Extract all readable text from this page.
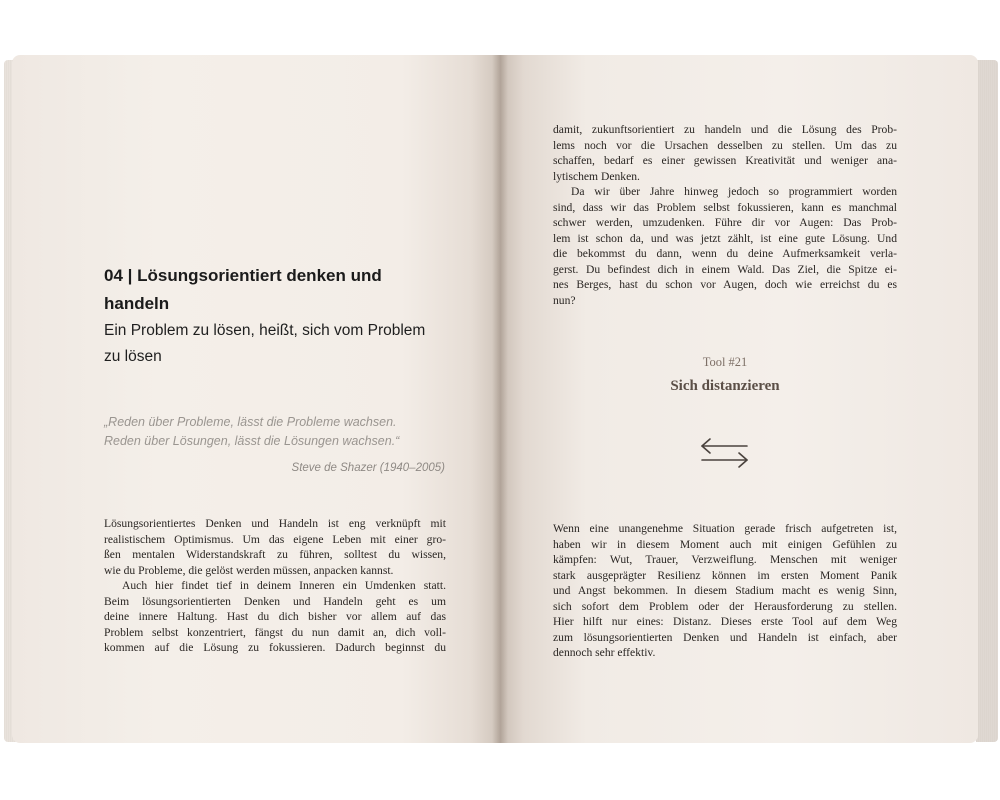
04 | Lösungsorientiert denken und
handeln
Ein Problem zu lösen, heißt, sich vom Problem
zu lösen
„Reden über Probleme, lässt die Probleme wachsen.
Reden über Lösungen, lässt die Lösungen wachsen.“
Steve de Shazer (1940–2005)
Lösungsorientiertes Denken und Handeln ist eng verknüpft mit
realistischem Optimismus. Um das eigene Leben mit einer gro-
ßen mentalen Widerstandskraft zu führen, solltest du wissen,
wie du Probleme, die gelöst werden müssen, anpacken kannst.
Auch hier findet tief in deinem Inneren ein Umdenken statt.
Beim lösungsorientierten Denken und Handeln geht es um
deine innere Haltung. Hast du dich bisher vor allem auf das
Problem selbst konzentriert, fängst du nun damit an, dich voll-
kommen auf die Lösung zu fokussieren. Dadurch beginnst du
damit, zukunftsorientiert zu handeln und die Lösung des Prob-
lems noch vor die Ursachen desselben zu stellen. Um das zu
schaffen, bedarf es einer gewissen Kreativität und weniger ana-
lytischem Denken.
Da wir über Jahre hinweg jedoch so programmiert worden
sind, dass wir das Problem selbst fokussieren, kann es manchmal
schwer werden, umzudenken. Führe dir vor Augen: Das Prob-
lem ist schon da, und was jetzt zählt, ist eine gute Lösung. Und
die bekommst du dann, wenn du deine Aufmerksamkeit verla-
gerst. Du befindest dich in einem Wald. Das Ziel, die Spitze ei-
nes Berges, hast du schon vor Augen, doch wie erreichst du es
nun?
Tool #21
Sich distanzieren
Wenn eine unangenehme Situation gerade frisch aufgetreten ist,
haben wir in diesem Moment auch mit einigen Gefühlen zu
kämpfen: Wut, Trauer, Verzweiflung. Menschen mit weniger
stark ausgeprägter Resilienz können im ersten Moment Panik
und Angst bekommen. In diesem Stadium macht es wenig Sinn,
sich sofort dem Problem oder der Herausforderung zu stellen.
Hier hilft nur eines: Distanz. Dieses erste Tool auf dem Weg
zum lösungsorientierten Denken und Handeln ist einfach, aber
dennoch sehr effektiv.
